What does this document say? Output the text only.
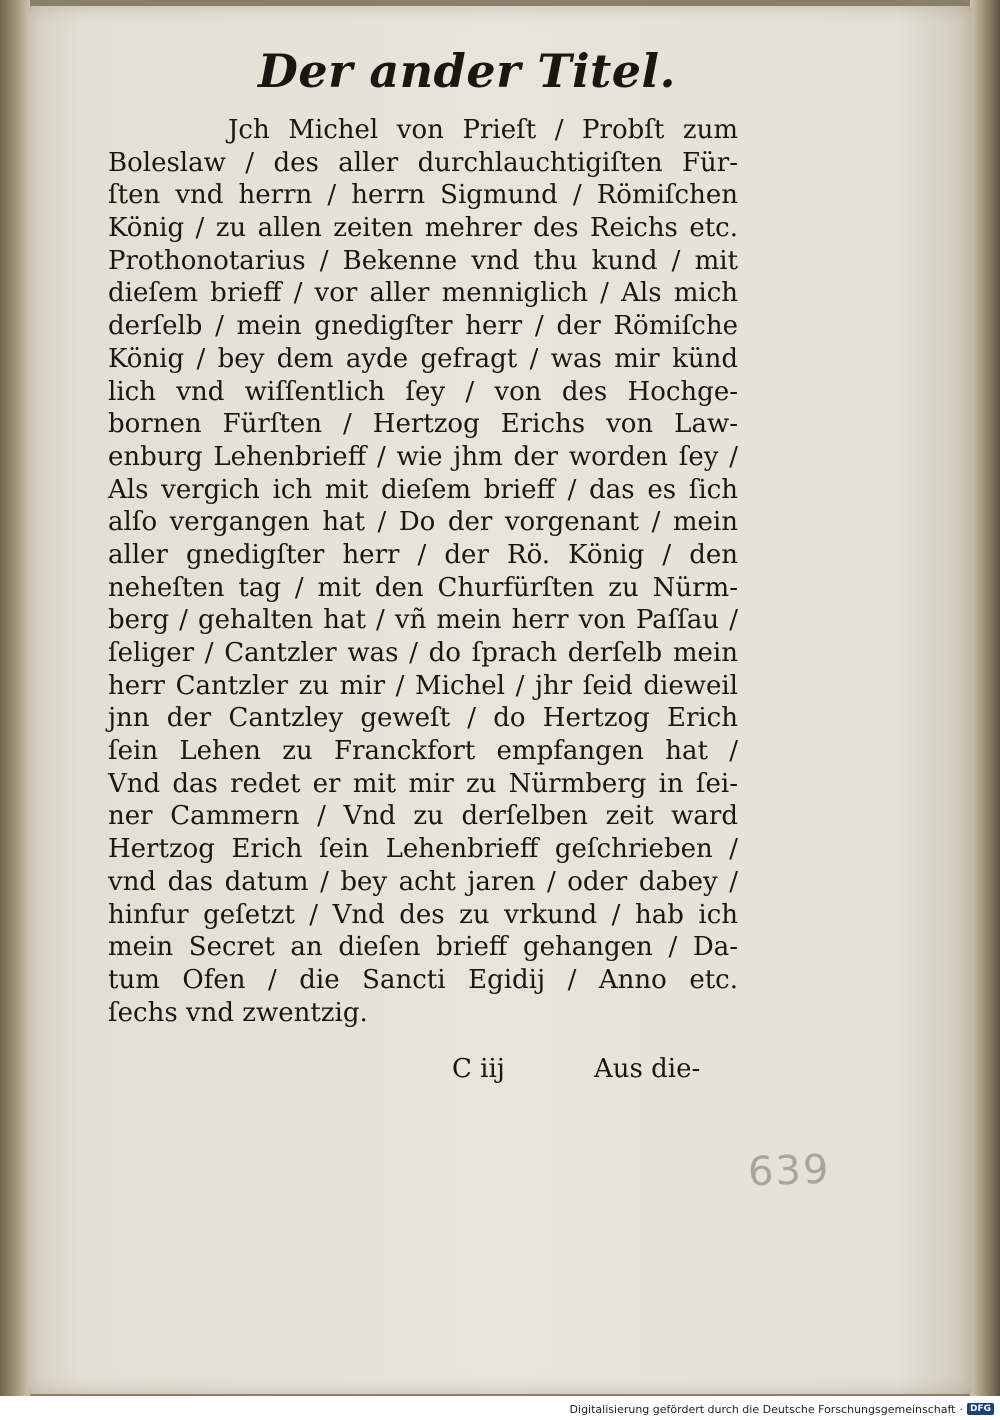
Der ander Titel.
Jch Michel von Prieſt / Probſt zum
Boleslaw / des aller durchlauchtigiſten Für-
ſten vnd herrn / herrn Sigmund / Römiſchen
König / zu allen zeiten mehrer des Reichs etc.
Prothonotarius / Bekenne vnd thu kund / mit
dieſem brieff / vor aller menniglich / Als mich
derſelb / mein gnedigſter herr / der Römiſche
König / bey dem ayde gefragt / was mir künd
lich vnd wiſſentlich ſey / von des Hochge-
bornen Fürſten / Hertzog Erichs von Law-
enburg Lehenbrieff / wie jhm der worden ſey /
Als vergich ich mit dieſem brieff / das es ſich
alſo vergangen hat / Do der vorgenant / mein
aller gnedigſter herr / der Rö. König / den
neheſten tag / mit den Churfürſten zu Nürm-
berg / gehalten hat / vñ mein herr von Paſſau /
ſeliger / Cantzler was / do ſprach derſelb mein
herr Cantzler zu mir / Michel / jhr ſeid dieweil
jnn der Cantzley geweſt / do Hertzog Erich
ſein Lehen zu Franckfort empfangen hat /
Vnd das redet er mit mir zu Nürmberg in ſei-
ner Cammern / Vnd zu derſelben zeit ward
Hertzog Erich ſein Lehenbrieff geſchrieben /
vnd das datum / bey acht jaren / oder dabey /
hinfur geſetzt / Vnd des zu vrkund / hab ich
mein Secret an dieſen brieff gehangen / Da-
tum Ofen / die Sancti Egidij / Anno etc.
ſechs vnd zwentzig.
C iij	Aus die-
639
Digitalisierung gefördert durch die Deutsche Forschungsgemeinschaft · DFG
